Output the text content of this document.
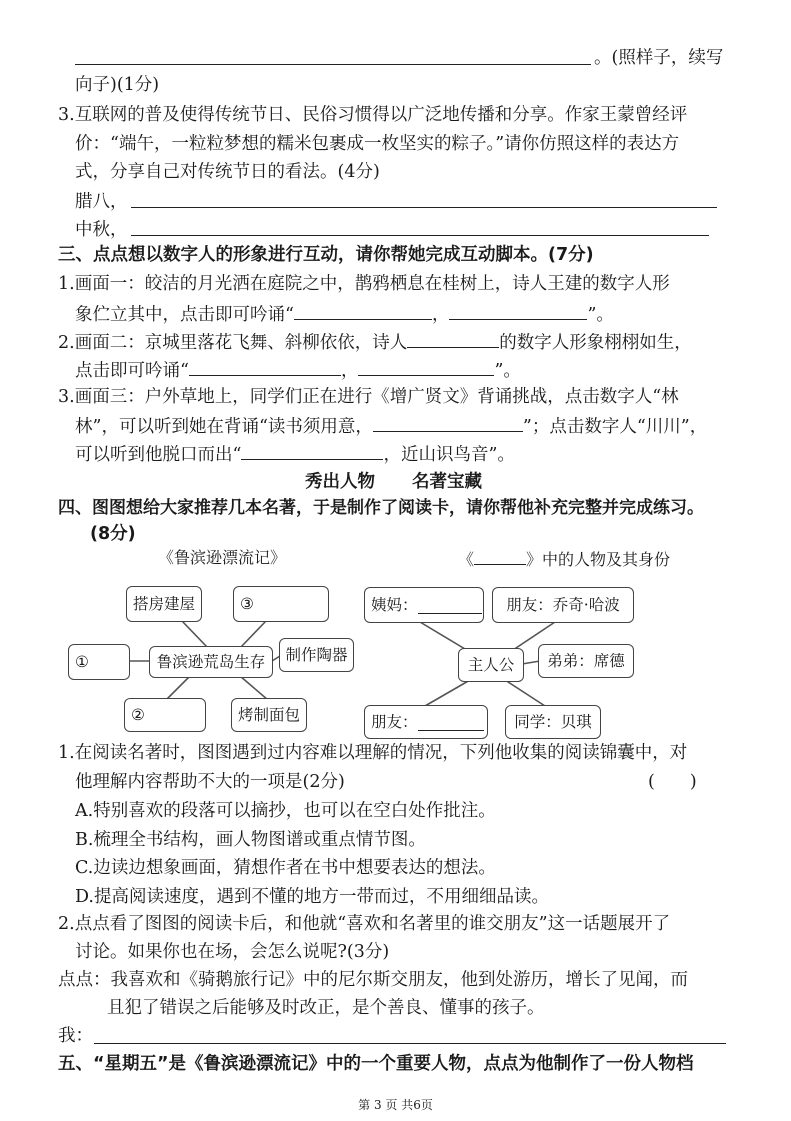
。(照样子，续写
向子)(1分)
3.互联网的普及使得传统节日、民俗习惯得以广泛地传播和分享。作家王蒙曾经评
价：“端午，一粒粒梦想的糯米包裹成一枚坚实的粽子。”请你仿照这样的表达方
式，分享自己对传统节日的看法。(4分)
腊八，
中秋，
三、点点想以数字人的形象进行互动，请你帮她完成互动脚本。(7分)
1.画面一：皎洁的月光洒在庭院之中，鹊鸦栖息在桂树上，诗人王建的数字人形
象伫立其中，点击即可吟诵“	，	”。
2.画面二：京城里落花飞舞、斜柳依依，诗人	的数字人形象栩栩如生，
点击即可吟诵“	，	”。
3.画面三：户外草地上，同学们正在进行《增广贤文》背诵挑战，点击数字人“林
林”，可以听到她在背诵“读书须用意，	”；点击数字人“川川”，
可以听到他脱口而出“	，近山识鸟音”。
秀出人物 名著宝藏
四、图图想给大家推荐几本名著，于是制作了阅读卡，请你帮他补充完整并完成练习。
(8分)
《鲁滨逊漂流记》	《	》中的人物及其身份
搭房建屋	③
①	鲁滨逊荒岛生存	制作陶器
②	烤制面包
姨妈：	朋友：乔奇·哈波
主人公	弟弟：席德
朋友：	同学：贝琪
1.在阅读名著时，图图遇到过内容难以理解的情况，下列他收集的阅读锦囊中，对
他理解内容帮助不大的一项是(2分)	(　　)
A.特别喜欢的段落可以摘抄，也可以在空白处作批注。
B.梳理全书结构，画人物图谱或重点情节图。
C.边读边想象画面，猜想作者在书中想要表达的想法。
D.提高阅读速度，遇到不懂的地方一带而过，不用细细品读。
2.点点看了图图的阅读卡后，和他就“喜欢和名著里的谁交朋友”这一话题展开了
讨论。如果你也在场，会怎么说呢?(3分)
点点：我喜欢和《骑鹅旅行记》中的尼尔斯交朋友，他到处游历，增长了见闻，而
且犯了错误之后能够及时改正，是个善良、懂事的孩子。
我：
五、“星期五”是《鲁滨逊漂流记》中的一个重要人物，点点为他制作了一份人物档
第 3 页 共6页
